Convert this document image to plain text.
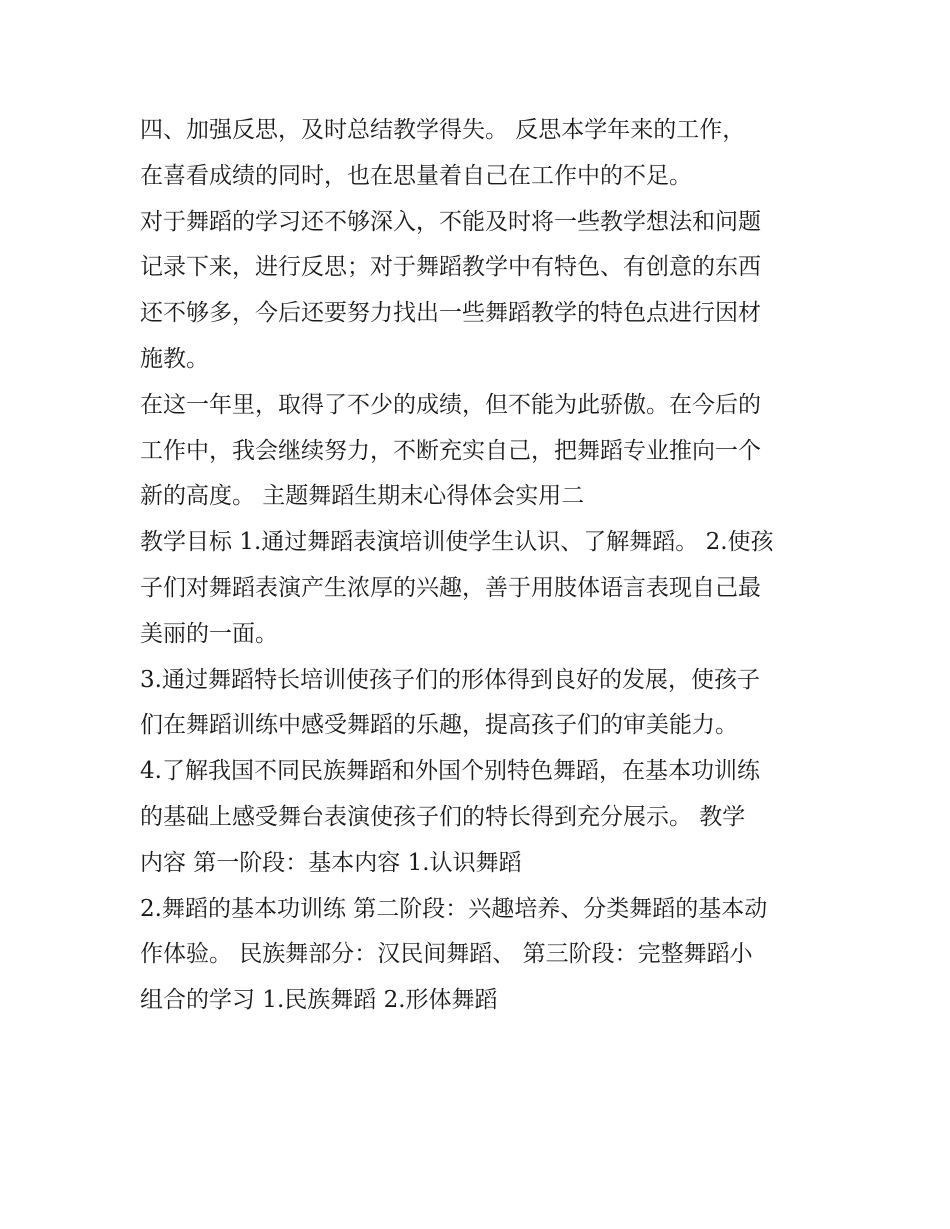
四、加强反思，及时总结教学得失。 反思本学年来的工作，
在喜看成绩的同时，也在思量着自己在工作中的不足。
对于舞蹈的学习还不够深入，不能及时将一些教学想法和问题
记录下来，进行反思；对于舞蹈教学中有特色、有创意的东西
还不够多，今后还要努力找出一些舞蹈教学的特色点进行因材
施教。
在这一年里，取得了不少的成绩，但不能为此骄傲。在今后的
工作中，我会继续努力，不断充实自己，把舞蹈专业推向一个
新的高度。 主题舞蹈生期末心得体会实用二
教学目标 1.通过舞蹈表演培训使学生认识、了解舞蹈。 2.使孩
子们对舞蹈表演产生浓厚的兴趣，善于用肢体语言表现自己最
美丽的一面。
3.通过舞蹈特长培训使孩子们的形体得到良好的发展，使孩子
们在舞蹈训练中感受舞蹈的乐趣，提高孩子们的审美能力。
4.了解我国不同民族舞蹈和外国个别特色舞蹈，在基本功训练
的基础上感受舞台表演使孩子们的特长得到充分展示。 教学
内容 第一阶段：基本内容 1.认识舞蹈
2.舞蹈的基本功训练 第二阶段：兴趣培养、分类舞蹈的基本动
作体验。 民族舞部分：汉民间舞蹈、 第三阶段：完整舞蹈小
组合的学习 1.民族舞蹈 2.形体舞蹈
